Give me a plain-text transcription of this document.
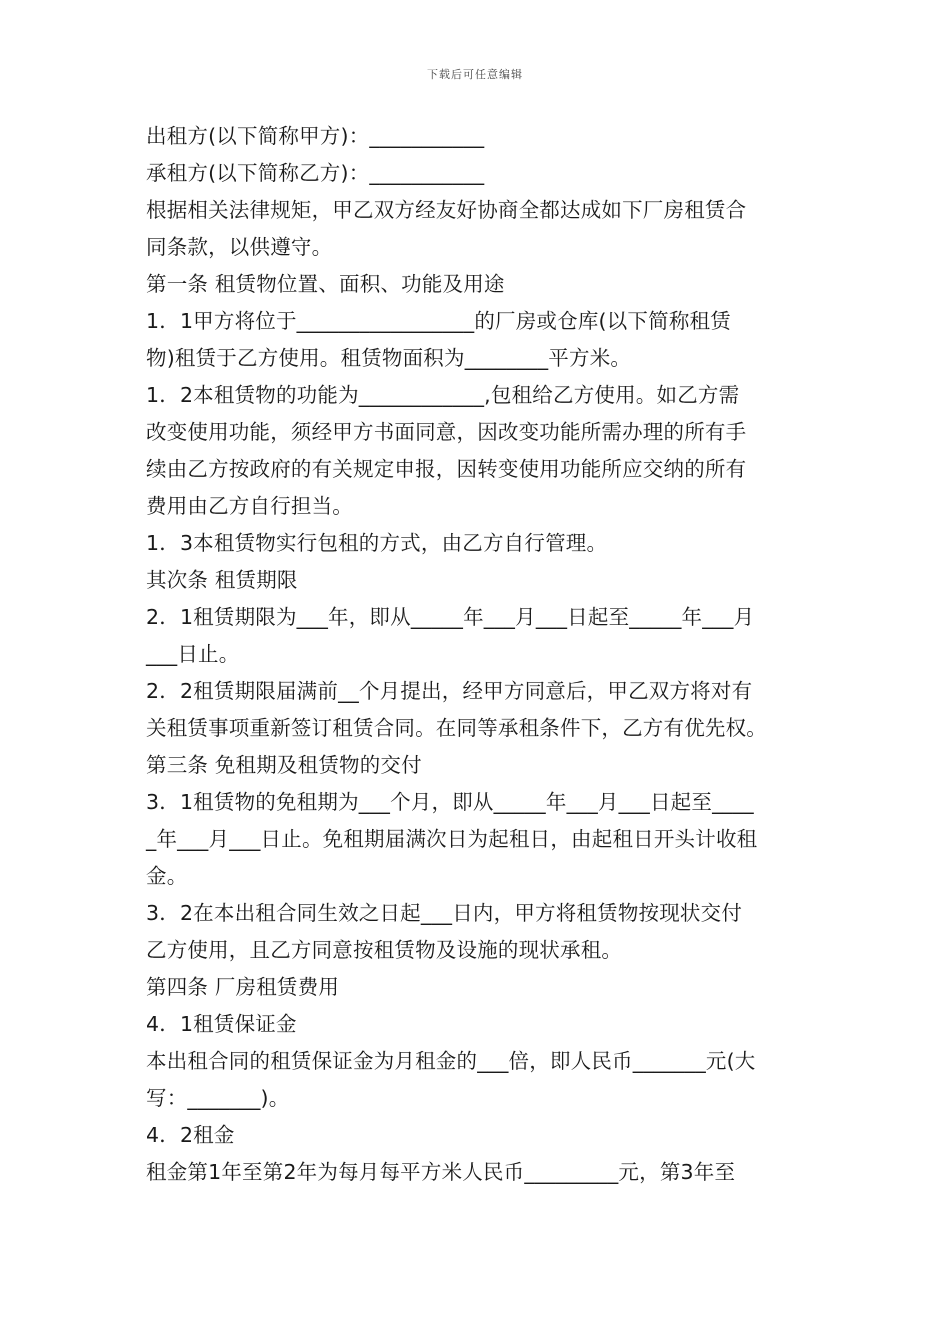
下载后可任意编辑
出租方(以下简称甲方)：___________
承租方(以下简称乙方)：___________
根据相关法律规矩，甲乙双方经友好协商全都达成如下厂房租赁合
同条款，以供遵守。
第一条 租赁物位置、面积、功能及用途
1．1甲方将位于_________________的厂房或仓库(以下简称租赁
物)租赁于乙方使用。租赁物面积为________平方米。
1．2本租赁物的功能为____________,包租给乙方使用。如乙方需
改变使用功能，须经甲方书面同意，因改变功能所需办理的所有手
续由乙方按政府的有关规定申报，因转变使用功能所应交纳的所有
费用由乙方自行担当。
1．3本租赁物实行包租的方式，由乙方自行管理。
其次条 租赁期限
2．1租赁期限为___年，即从_____年___月___日起至_____年___月
___日止。
2．2租赁期限届满前__个月提出，经甲方同意后，甲乙双方将对有
关租赁事项重新签订租赁合同。在同等承租条件下，乙方有优先权。
第三条 免租期及租赁物的交付
3．1租赁物的免租期为___个月，即从_____年___月___日起至____
_年___月___日止。免租期届满次日为起租日，由起租日开头计收租
金。
3．2在本出租合同生效之日起___日内，甲方将租赁物按现状交付
乙方使用，且乙方同意按租赁物及设施的现状承租。
第四条 厂房租赁费用
4．1租赁保证金
本出租合同的租赁保证金为月租金的___倍，即人民币_______元(大
写：_______)。
4．2租金
租金第1年至第2年为每月每平方米人民币_________元，第3年至
